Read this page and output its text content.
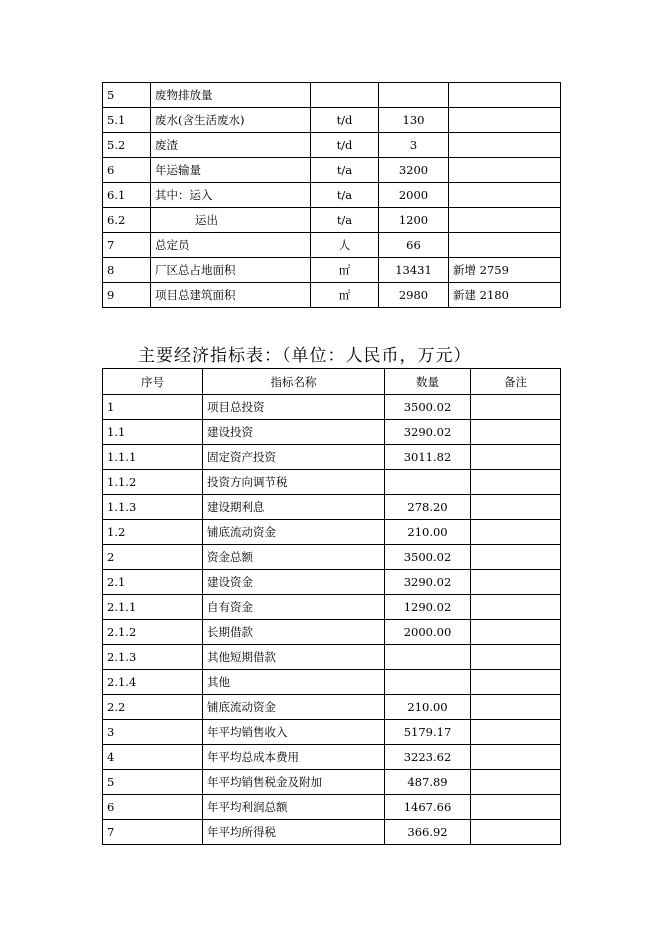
5	废物排放量			
5.1	废水(含生活废水)	t/d	130	
5.2	废渣	t/d	3	
6	年运输量	t/a	3200	
6.1	其中：运入	t/a	2000	
6.2	运出	t/a	1200	
7	总定员	人	66	
8	厂区总占地面积	㎡	13431	新增 2759
9	项目总建筑面积	㎡	2980	新建 2180
主要经济指标表：（单位：人民币，万元）
序号	指标名称	数量	备注
1	项目总投资	3500.02	
1.1	建设投资	3290.02	
1.1.1	固定资产投资	3011.82	
1.1.2	投资方向调节税		
1.1.3	建设期利息	278.20	
1.2	铺底流动资金	210.00	
2	资金总额	3500.02	
2.1	建设资金	3290.02	
2.1.1	自有资金	1290.02	
2.1.2	长期借款	2000.00	
2.1.3	其他短期借款		
2.1.4	其他		
2.2	铺底流动资金	210.00	
3	年平均销售收入	5179.17	
4	年平均总成本费用	3223.62	
5	年平均销售税金及附加	487.89	
6	年平均利润总额	1467.66	
7	年平均所得税	366.92	
